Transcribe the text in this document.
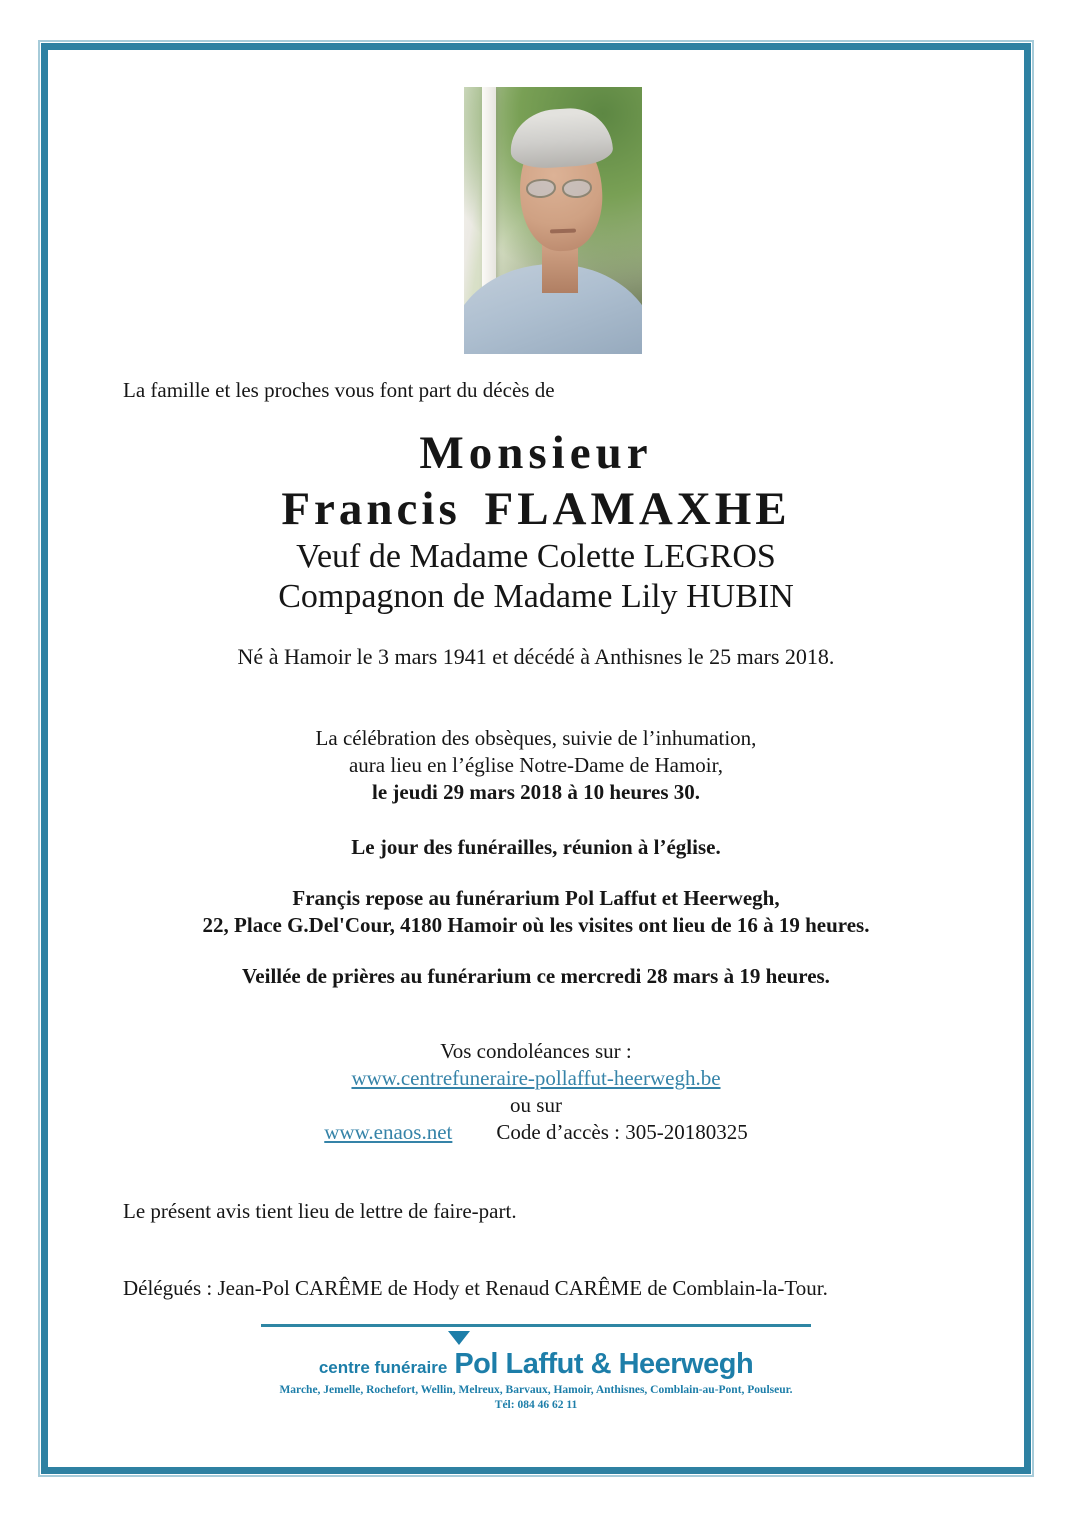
La famille et les proches vous font part du décès de
Monsieur
Francis FLAMAXHE
Veuf de Madame Colette LEGROS
Compagnon de Madame Lily HUBIN
Né à Hamoir le 3 mars 1941 et décédé à Anthisnes le 25 mars 2018.
La célébration des obsèques, suivie de l’inhumation,
aura lieu en l’église Notre-Dame de Hamoir,
le jeudi 29 mars 2018 à 10 heures 30.
Le jour des funérailles, réunion à l’église.
Françis repose au funérarium Pol Laffut et Heerwegh,
22, Place G.Del'Cour, 4180 Hamoir où les visites ont lieu de 16 à 19 heures.
Veillée de prières au funérarium ce mercredi 28 mars à 19 heures.
Vos condoléances sur :
www.centrefuneraire-pollaffut-heerwegh.be
ou sur
www.enaos.net Code d’accès : 305-20180325
Le présent avis tient lieu de lettre de faire-part.
Délégués : Jean-Pol CARÊME de Hody et Renaud CARÊME de Comblain-la-Tour.
centre funéraire Pol Laffut & Heerwegh
Marche, Jemelle, Rochefort, Wellin, Melreux, Barvaux, Hamoir, Anthisnes, Comblain-au-Pont, Poulseur.
Tél: 084 46 62 11
